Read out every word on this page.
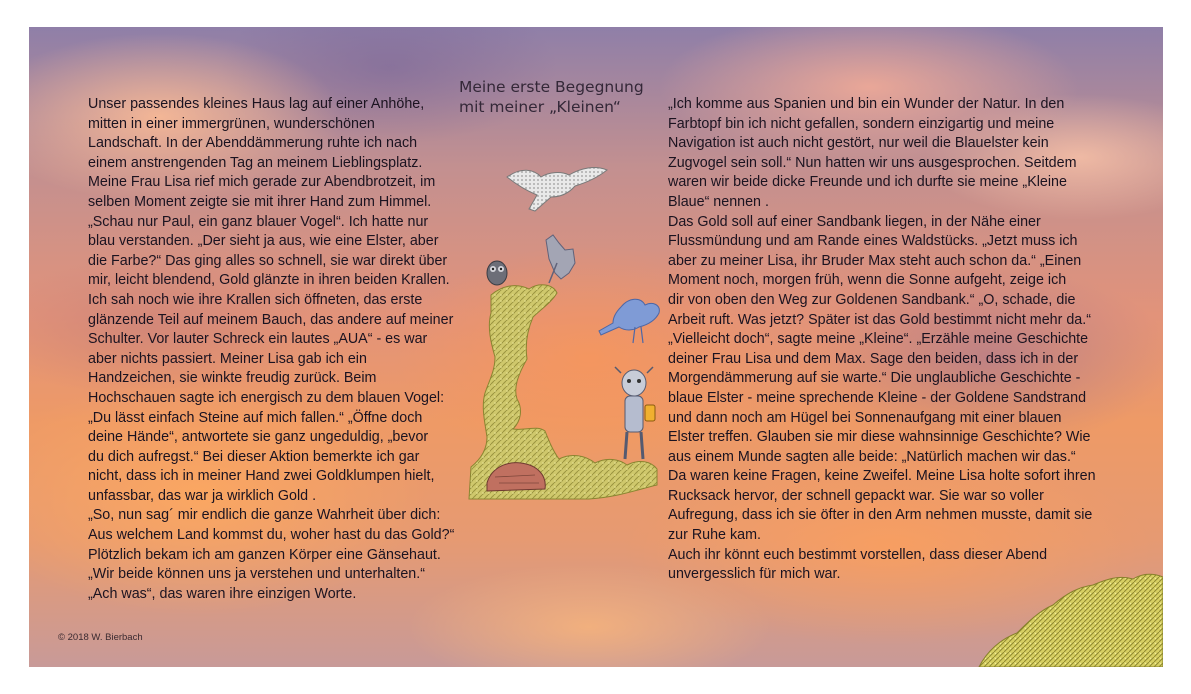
Meine erste Begegnung
mit meiner „Kleinen“
Unser passendes kleines Haus lag auf einer Anhöhe,
mitten in einer immergrünen, wunderschönen
Landschaft. In der Abenddämmerung ruhte ich nach
einem anstrengenden Tag an meinem Lieblingsplatz.
Meine Frau Lisa rief mich gerade zur Abendbrotzeit, im
selben Moment zeigte sie mit ihrer Hand zum Himmel.
„Schau nur Paul, ein ganz blauer Vogel“. Ich hatte nur
blau verstanden. „Der sieht ja aus, wie eine Elster, aber
die Farbe?“ Das ging alles so schnell, sie war direkt über
mir, leicht blendend, Gold glänzte in ihren beiden Krallen.
Ich sah noch wie ihre Krallen sich öffneten, das erste
glänzende Teil auf meinem Bauch, das andere auf meiner
Schulter. Vor lauter Schreck ein lautes „AUA“ - es war
aber nichts passiert. Meiner Lisa gab ich ein
Handzeichen, sie winkte freudig zurück. Beim
Hochschauen sagte ich energisch zu dem blauen Vogel:
„Du lässt einfach Steine auf mich fallen.“ „Öffne doch
deine Hände“, antwortete sie ganz ungeduldig, „bevor
du dich aufregst.“ Bei dieser Aktion bemerkte ich gar
nicht, dass ich in meiner Hand zwei Goldklumpen hielt,
unfassbar, das war ja wirklich Gold .
„So, nun sag´ mir endlich die ganze Wahrheit über dich:
Aus welchem Land kommst du, woher hast du das Gold?“
Plötzlich bekam ich am ganzen Körper eine Gänsehaut.
„Wir beide können uns ja verstehen und unterhalten.“
„Ach was“, das waren ihre einzigen Worte.
„Ich komme aus Spanien und bin ein Wunder der Natur. In den
Farbtopf bin ich nicht gefallen, sondern einzigartig und meine
Navigation ist auch nicht gestört, nur weil die Blauelster kein
Zugvogel sein soll.“ Nun hatten wir uns ausgesprochen. Seitdem
waren wir beide dicke Freunde und ich durfte sie meine „Kleine
Blaue“ nennen .
Das Gold soll auf einer Sandbank liegen, in der Nähe einer
Flussmündung und am Rande eines Waldstücks. „Jetzt muss ich
aber zu meiner Lisa, ihr Bruder Max steht auch schon da.“ „Einen
Moment noch, morgen früh, wenn die Sonne aufgeht, zeige ich
dir von oben den Weg zur Goldenen Sandbank.“ „O, schade, die
Arbeit ruft. Was jetzt? Später ist das Gold bestimmt nicht mehr da.“
„Vielleicht doch“, sagte meine „Kleine“. „Erzähle meine Geschichte
deiner Frau Lisa und dem Max. Sage den beiden, dass ich in der
Morgendämmerung auf sie warte.“ Die unglaubliche Geschichte -
blaue Elster - meine sprechende Kleine - der Goldene Sandstrand
und dann noch am Hügel bei Sonnenaufgang mit einer blauen
Elster treffen. Glauben sie mir diese wahnsinnige Geschichte? Wie
aus einem Munde sagten alle beide: „Natürlich machen wir das.“
Da waren keine Fragen, keine Zweifel. Meine Lisa holte sofort ihren
Rucksack hervor, der schnell gepackt war. Sie war so voller
Aufregung, dass ich sie öfter in den Arm nehmen musste, damit sie
zur Ruhe kam.
Auch ihr könnt euch bestimmt vorstellen, dass dieser Abend
unvergesslich für mich war.
© 2018 W. Bierbach
